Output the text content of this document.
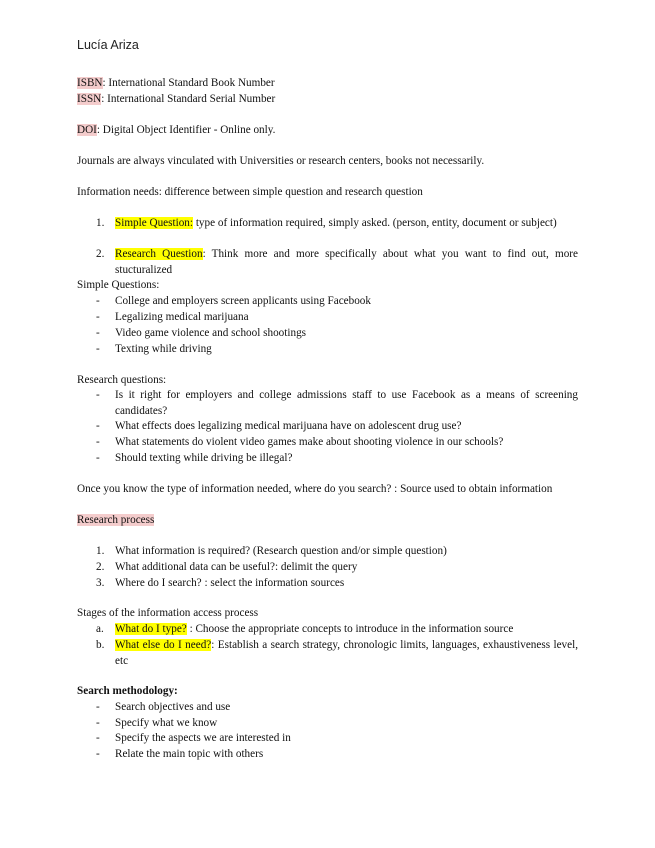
Lucía Ariza
ISBN: International Standard Book Number
ISSN: International Standard Serial Number
DOI: Digital Object Identifier - Online only.
Journals are always vinculated with Universities or research centers, books not necessarily.
Information needs: difference between simple question and research question
1. Simple Question: type of information required, simply asked. (person, entity, document or subject)
2. Research Question: Think more and more specifically about what you want to find out, more stucturalized
Simple Questions:
- College and employers screen applicants using Facebook
- Legalizing medical marijuana
- Video game violence and school shootings
- Texting while driving
Research questions:
- Is it right for employers and college admissions staff to use Facebook as a means of screening candidates?
- What effects does legalizing medical marijuana have on adolescent drug use?
- What statements do violent video games make about shooting violence in our schools?
- Should texting while driving be illegal?
Once you know the type of information needed, where do you search? : Source used to obtain information
Research process
1. What information is required? (Research question and/or simple question)
2. What additional data can be useful?: delimit the query
3. Where do I search? : select the information sources
Stages of the information access process
a. What do I type? : Choose the appropriate concepts to introduce in the information source
b. What else do I need?: Establish a search strategy, chronologic limits, languages, exhaustiveness level, etc
Search methodology:
- Search objectives and use
- Specify what we know
- Specify the aspects we are interested in
- Relate the main topic with others
